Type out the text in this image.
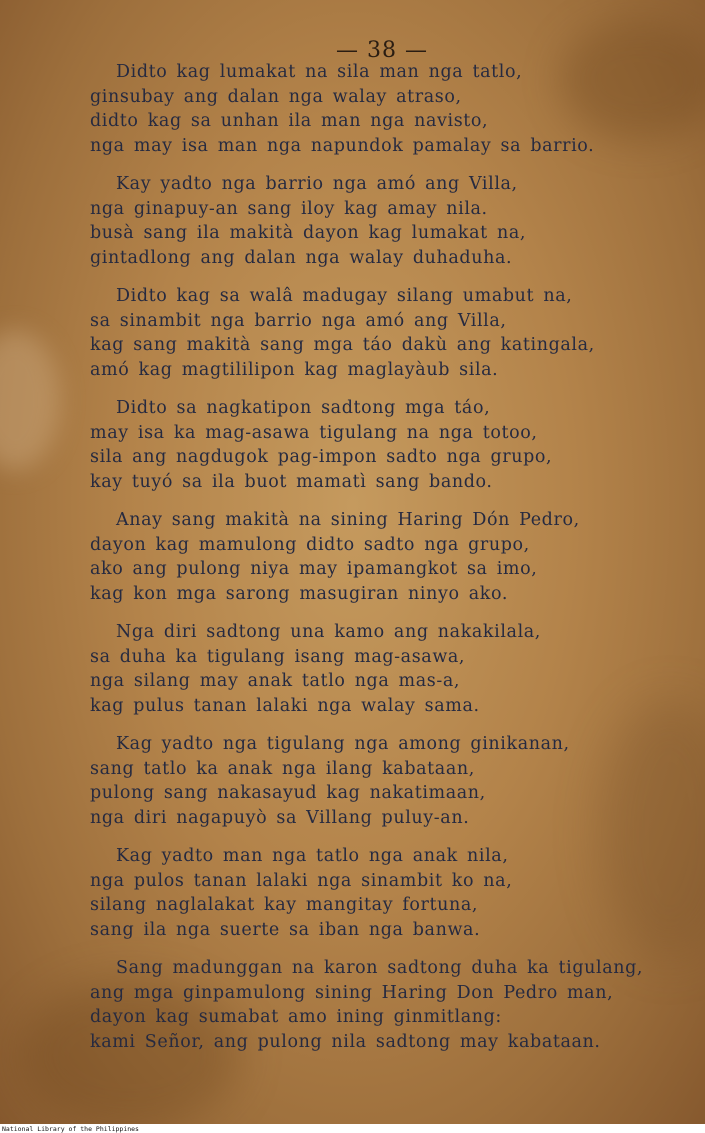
— 38 —

Didto kag lumakat na sila man nga tatlo,
ginsubay ang dalan nga walay atraso,
didto kag sa unhan ila man nga navisto,
nga may isa man nga napundok pamalay sa barrio.
Kay yadto nga barrio nga amó ang Villa,
nga ginapuy-an sang iloy kag amay nila.
busà sang ila makità dayon kag lumakat na,
gintadlong ang dalan nga walay duhaduha.
Didto kag sa walâ madugay silang umabut na,
sa sinambit nga barrio nga amó ang Villa,
kag sang makità sang mga táo dakù ang katingala,
amó kag magtililipon kag maglayàub sila.
Didto sa nagkatipon sadtong mga táo,
may isa ka mag-asawa tigulang na nga totoo,
sila ang nagdugok pag-impon sadto nga grupo,
kay tuyó sa ila buot mamatì sang bando.
Anay sang makità na sining Haring Dón Pedro,
dayon kag mamulong didto sadto nga grupo,
ako ang pulong niya may ipamangkot sa imo,
kag kon mga sarong masugiran ninyo ako.
Nga diri sadtong una kamo ang nakakilala,
sa duha ka tigulang isang mag-asawa,
nga silang may anak tatlo nga mas-a,
kag pulus tanan lalaki nga walay sama.
Kag yadto nga tigulang nga among ginikanan,
sang tatlo ka anak nga ilang kabataan,
pulong sang nakasayud kag nakatimaan,
nga diri nagapuyò sa Villang puluy-an.
Kag yadto man nga tatlo nga anak nila,
nga pulos tanan lalaki nga sinambit ko na,
silang naglalakat kay mangitay fortuna,
sang ila nga suerte sa iban nga banwa.
Sang madunggan na karon sadtong duha ka tigulang,
ang mga ginpamulong sining Haring Don Pedro man,
dayon kag sumabat amo ining ginmitlang:
kami Señor, ang pulong nila sadtong may kabataan.

National Library of the Philippines
